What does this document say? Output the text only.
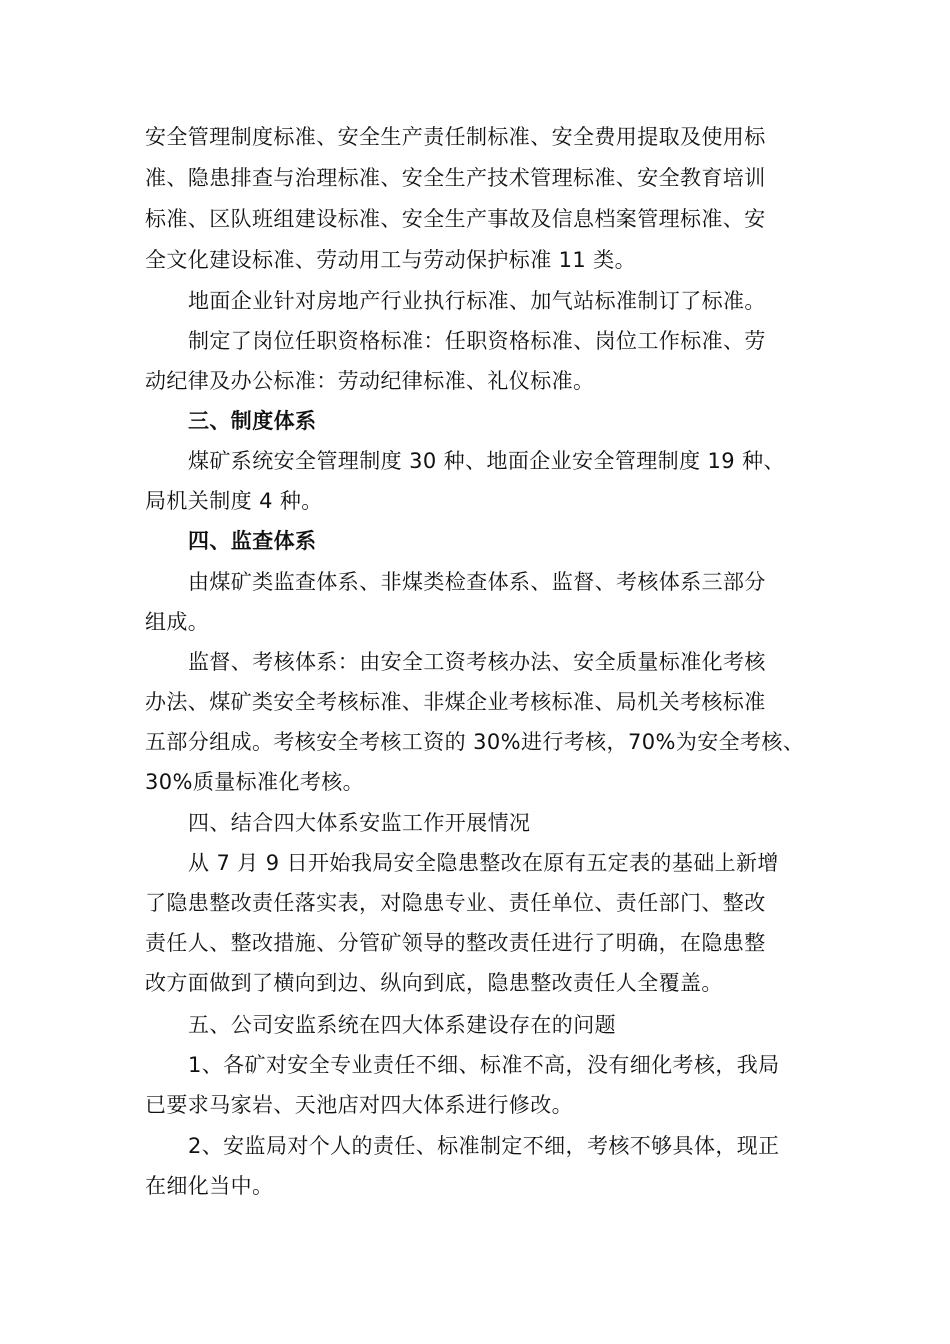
安全管理制度标准、安全生产责任制标准、安全费用提取及使用标
准、隐患排查与治理标准、安全生产技术管理标准、安全教育培训
标准、区队班组建设标准、安全生产事故及信息档案管理标准、安
全文化建设标准、劳动用工与劳动保护标准 11 类。
地面企业针对房地产行业执行标准、加气站标准制订了标准。
制定了岗位任职资格标准：任职资格标准、岗位工作标准、劳
动纪律及办公标准：劳动纪律标准、礼仪标准。
三、制度体系
煤矿系统安全管理制度 30 种、地面企业安全管理制度 19 种、
局机关制度 4 种。
四、监查体系
由煤矿类监查体系、非煤类检查体系、监督、考核体系三部分
组成。
监督、考核体系：由安全工资考核办法、安全质量标准化考核
办法、煤矿类安全考核标准、非煤企业考核标准、局机关考核标准
五部分组成。考核安全考核工资的 30%进行考核，70%为安全考核、
30%质量标准化考核。
四、结合四大体系安监工作开展情况
从 7 月 9 日开始我局安全隐患整改在原有五定表的基础上新增
了隐患整改责任落实表，对隐患专业、责任单位、责任部门、整改
责任人、整改措施、分管矿领导的整改责任进行了明确，在隐患整
改方面做到了横向到边、纵向到底，隐患整改责任人全覆盖。
五、公司安监系统在四大体系建设存在的问题
1、各矿对安全专业责任不细、标准不高，没有细化考核，我局
已要求马家岩、天池店对四大体系进行修改。
2、安监局对个人的责任、标准制定不细，考核不够具体，现正
在细化当中。
